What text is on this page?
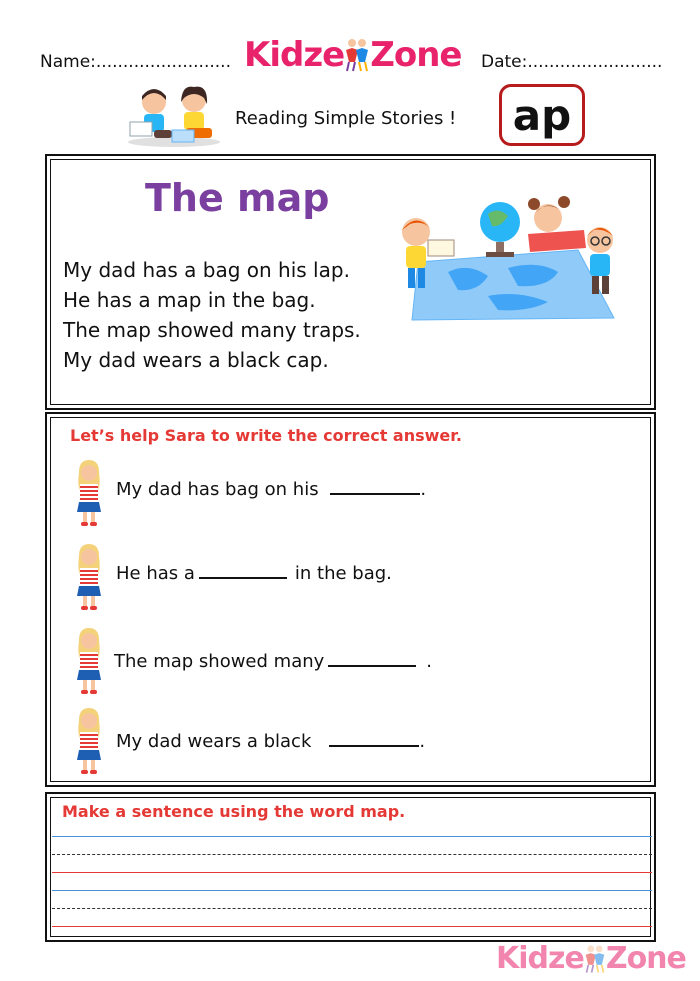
Name:......................... Kidze Zone Date:.........................
Reading Simple Stories ! ap
The map
My dad has a bag on his lap.
He has a map in the bag.
The map showed many traps.
My dad wears a black cap.
Let’s help Sara to write the correct answer.
My dad has bag on his	.
He has a	in the bag.
The map showed many	.
My dad wears a black	.
Make a sentence using the word map.
Kidze Zone
